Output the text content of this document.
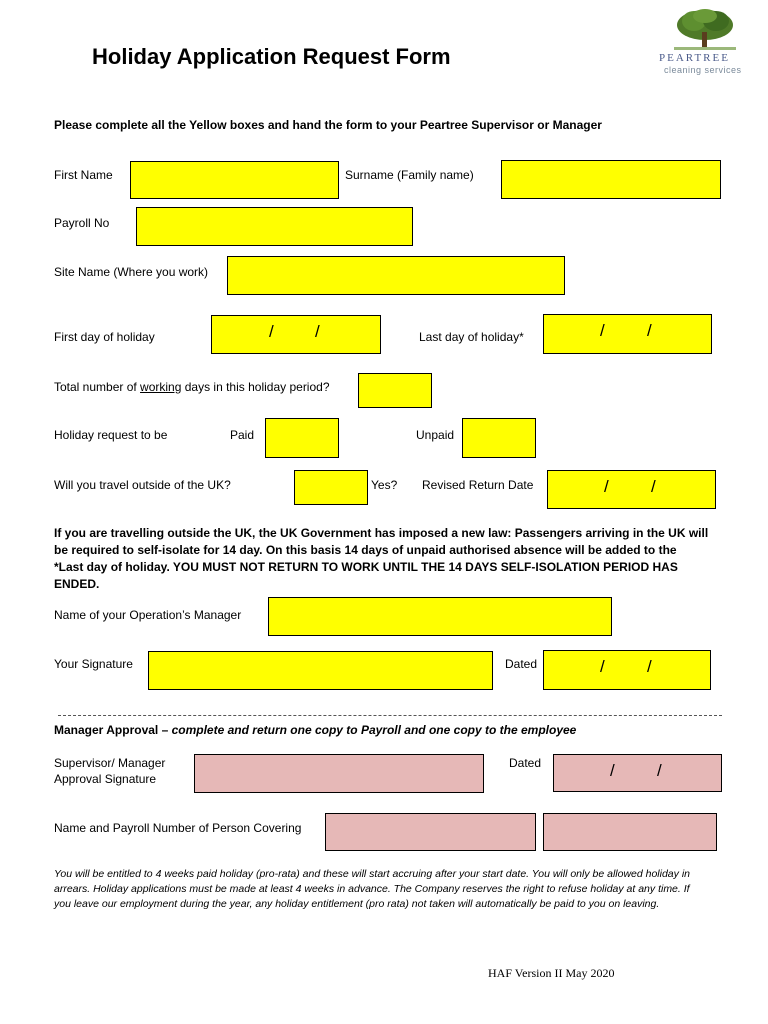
Holiday Application Request Form	PEARTREE
cleaning services
Please complete all the Yellow boxes and hand the form to your Peartree Supervisor or Manager
First Name	Surname (Family name)
Payroll No
Site Name (Where you work)
First day of holiday	/ /	Last day of holiday*	/ /
Total number of working days in this holiday period?
Holiday request to be	Paid	Unpaid
Will you travel outside of the UK?	Yes? Revised Return Date	/ /
If you are travelling outside the UK, the UK Government has imposed a new law: Passengers arriving in the UK will be required to self-isolate for 14 day. On this basis 14 days of unpaid authorised absence will be added to the *Last day of holiday. YOU MUST NOT RETURN TO WORK UNTIL THE 14 DAYS SELF-ISOLATION PERIOD HAS ENDED.
Name of your Operation’s Manager
Your Signature	Dated	/ /
Manager Approval – complete and return one copy to Payroll and one copy to the employee
Supervisor/ Manager
Approval Signature
Dated	/ /
Name and Payroll Number of Person Covering
You will be entitled to 4 weeks paid holiday (pro-rata) and these will start accruing after your start date. You will only be allowed holiday in arrears. Holiday applications must be made at least 4 weeks in advance. The Company reserves the right to refuse holiday at any time. If you leave our employment during the year, any holiday entitlement (pro rata) not taken will automatically be paid to you on leaving.
HAF Version II May 2020
